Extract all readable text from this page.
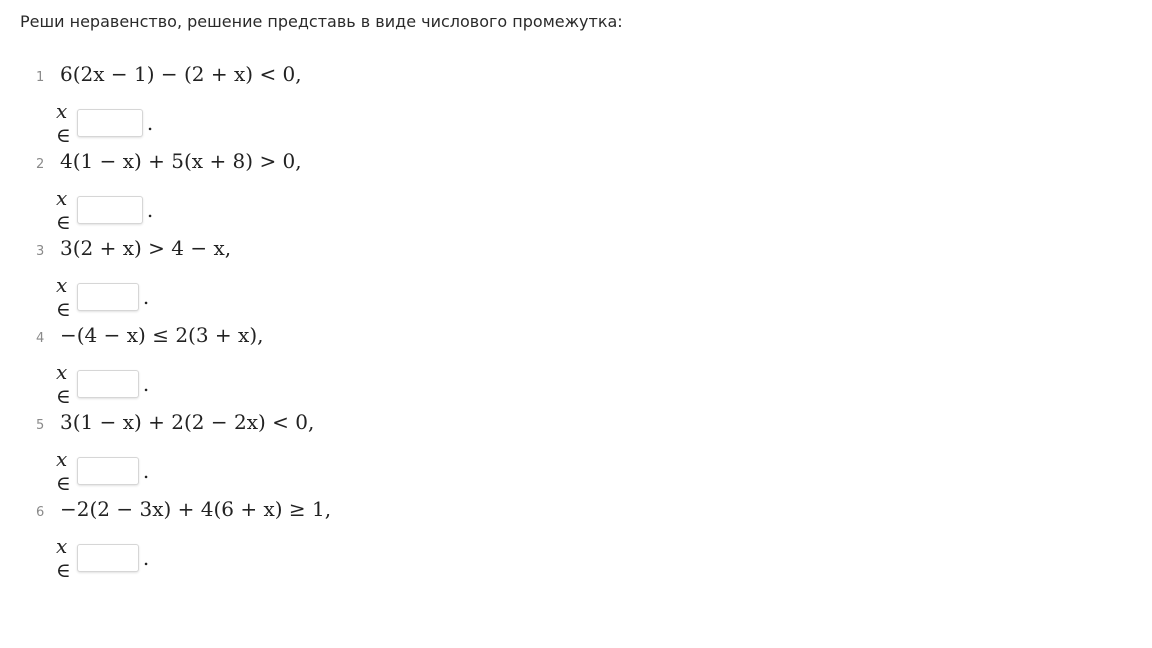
Реши неравенство, решение представь в виде числового промежутка:
1 6(2x − 1) − (2 + x) < 0,
x ∈	.
2 4(1 − x) + 5(x + 8) > 0,
x ∈	.
3 3(2 + x) > 4 − x,
x ∈	.
4 −(4 − x) ≤ 2(3 + x),
x ∈	.
5 3(1 − x) + 2(2 − 2x) < 0,
x ∈	.
6 −2(2 − 3x) + 4(6 + x) ≥ 1,
x ∈	.
